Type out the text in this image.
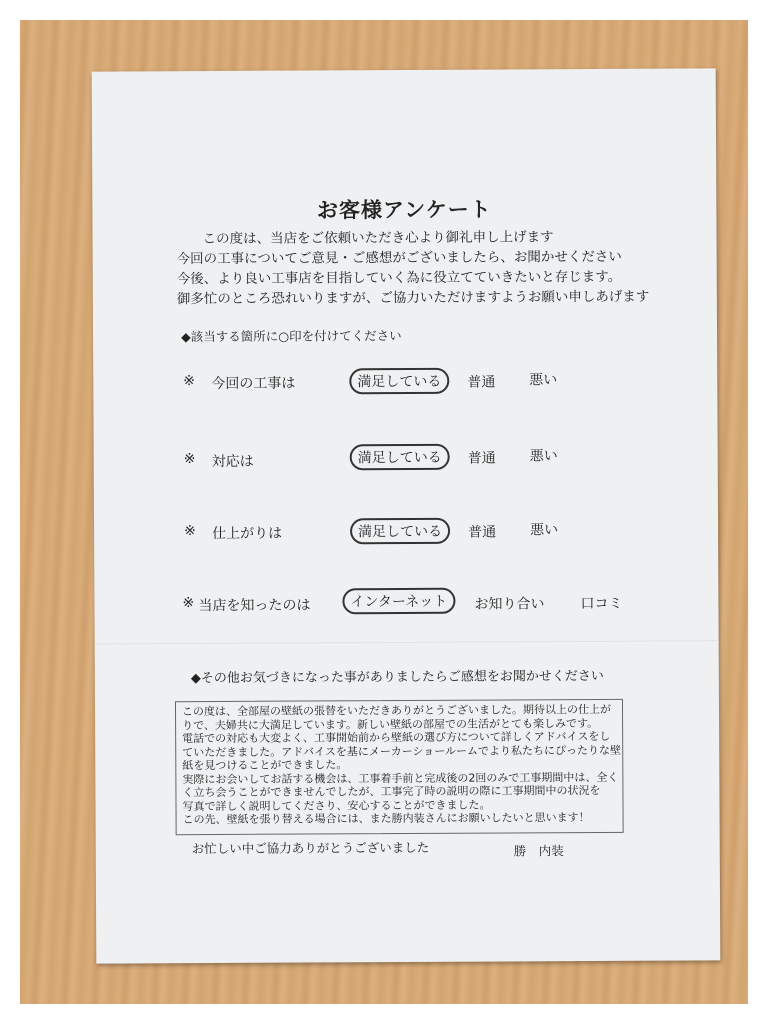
お客様アンケート
この度は、当店をご依頼いただき心より御礼申し上げます
今回の工事についてご意見・ご感想がございましたら、お聞かせください
今後、より良い工事店を目指していく為に役立てていきたいと存じます。
御多忙のところ恐れいりますが、ご協力いただけますようお願い申しあげます
◆該当する箇所に○印を付けてください
※ 今回の工事は	満足している	普通 悪い
※ 対応は	満足している	普通 悪い
※ 仕上がりは	満足している	普通 悪い
※ 当店を知ったのは	インターネット	お知り合い	口コミ
◆その他お気づきになった事がありましたらご感想をお聞かせください
この度は、全部屋の壁紙の張替をいただきありがとうございました。期待以上の仕上が
りで、夫婦共に大満足しています。新しい壁紙の部屋での生活がとても楽しみです。
電話での対応も大変よく、工事開始前から壁紙の選び方について詳しくアドバイスをし
ていただきました。アドバイスを基にメーカーショールームでより私たちにぴったりな壁
紙を見つけることができました。
実際にお会いしてお話する機会は、工事着手前と完成後の2回のみで工事期間中は、全く
く立ち会うことができませんでしたが、工事完了時の説明の際に工事期間中の状況を
写真で詳しく説明してくださり、安心することができました。
この先、壁紙を張り替える場合には、また勝内装さんにお願いしたいと思います！
お忙しい中ご協力ありがとうございました	勝　内装
